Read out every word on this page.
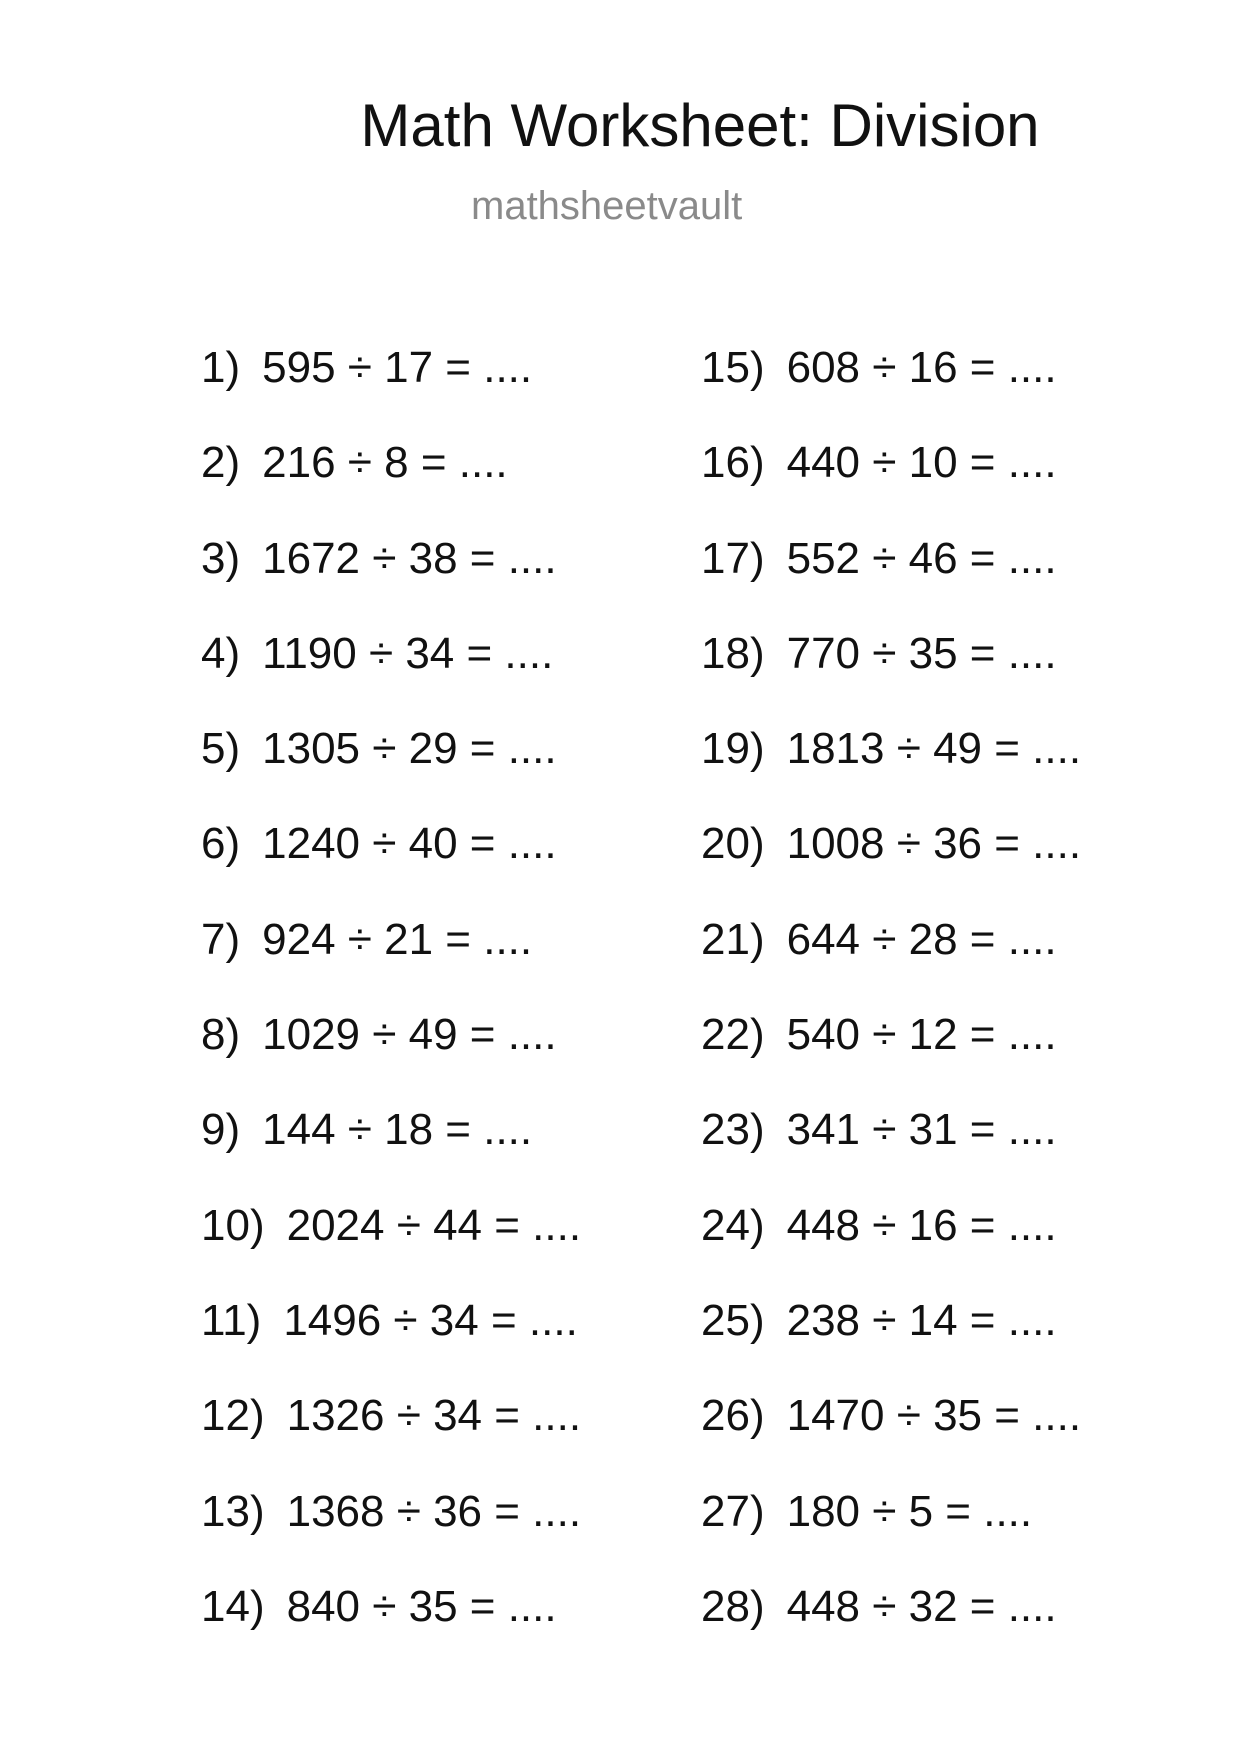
Math Worksheet: Division
mathsheetvault
1) 595 ÷ 17 = ....
2) 216 ÷ 8 = ....
3) 1672 ÷ 38 = ....
4) 1190 ÷ 34 = ....
5) 1305 ÷ 29 = ....
6) 1240 ÷ 40 = ....
7) 924 ÷ 21 = ....
8) 1029 ÷ 49 = ....
9) 144 ÷ 18 = ....
10) 2024 ÷ 44 = ....
11) 1496 ÷ 34 = ....
12) 1326 ÷ 34 = ....
13) 1368 ÷ 36 = ....
14) 840 ÷ 35 = ....
15) 608 ÷ 16 = ....
16) 440 ÷ 10 = ....
17) 552 ÷ 46 = ....
18) 770 ÷ 35 = ....
19) 1813 ÷ 49 = ....
20) 1008 ÷ 36 = ....
21) 644 ÷ 28 = ....
22) 540 ÷ 12 = ....
23) 341 ÷ 31 = ....
24) 448 ÷ 16 = ....
25) 238 ÷ 14 = ....
26) 1470 ÷ 35 = ....
27) 180 ÷ 5 = ....
28) 448 ÷ 32 = ....
